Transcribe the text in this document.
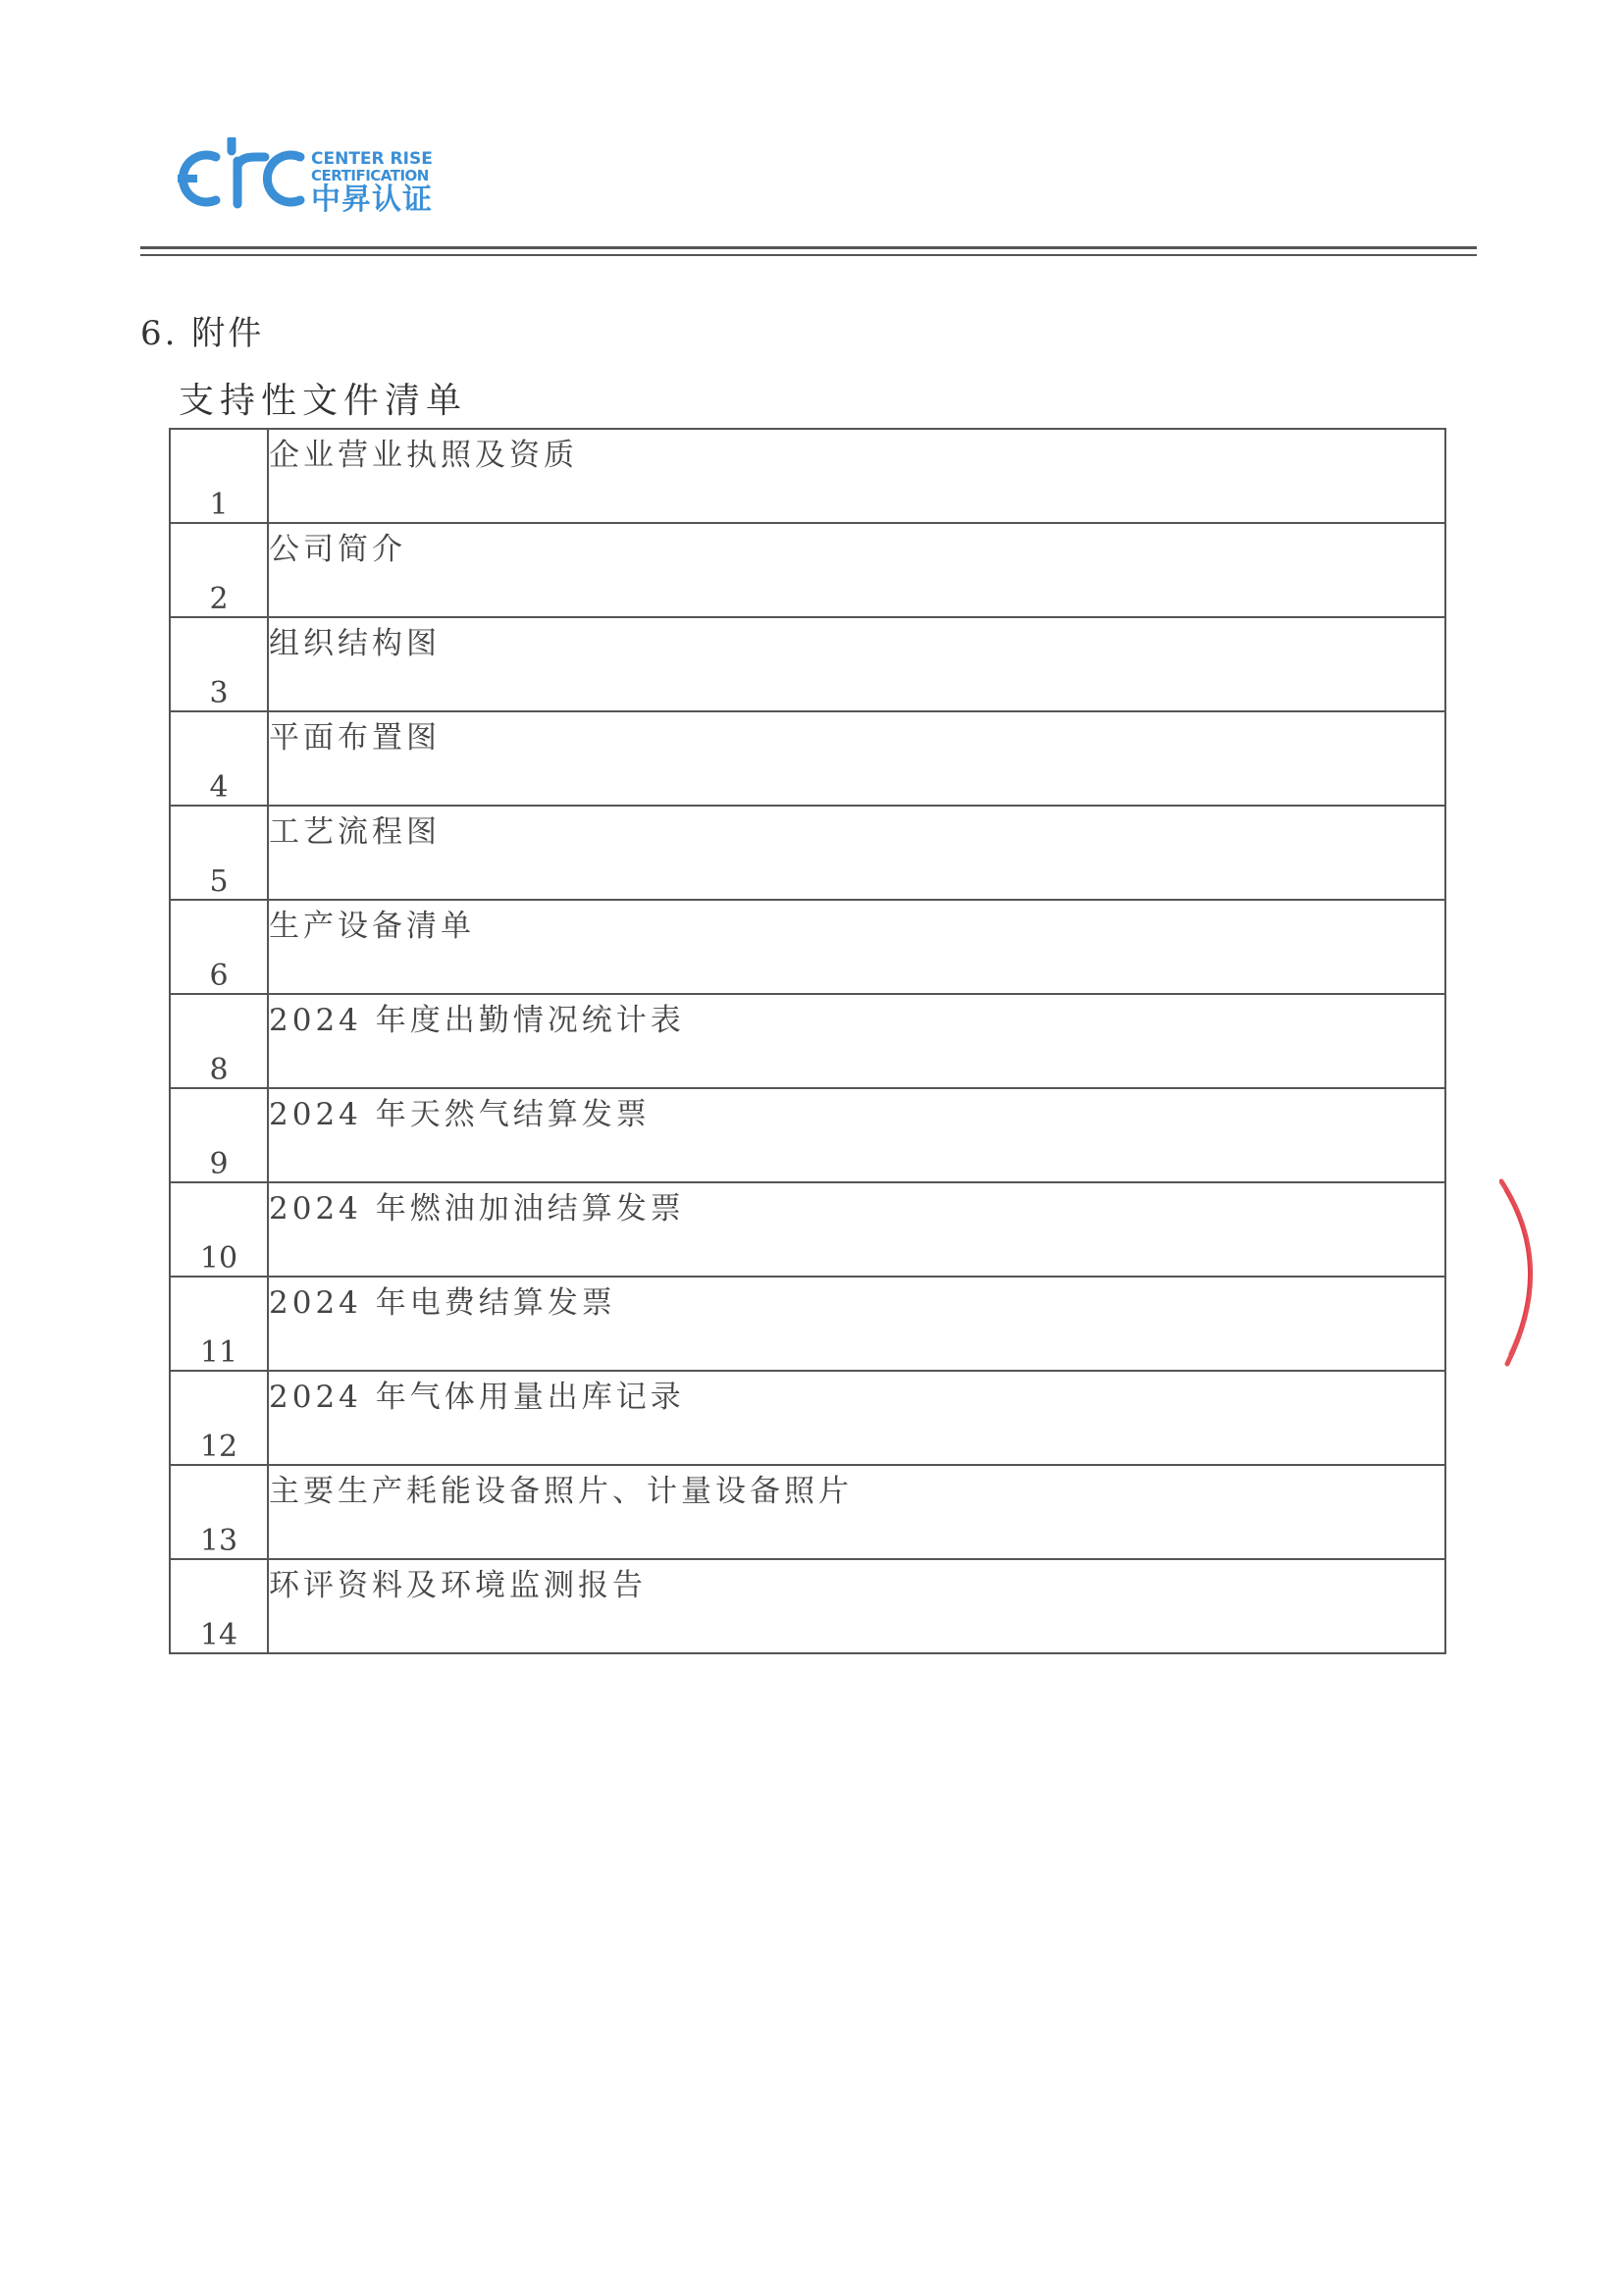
CENTER RISE
CERTIFICATION
中昇认证
6. 附件
支持性文件清单
1	企业营业执照及资质
2	公司简介
3	组织结构图
4	平面布置图
5	工艺流程图
6	生产设备清单
8	2024 年度出勤情况统计表
9	2024 年天然气结算发票
10	2024 年燃油加油结算发票
11	2024 年电费结算发票
12	2024 年气体用量出库记录
13	主要生产耗能设备照片、计量设备照片
14	环评资料及环境监测报告
